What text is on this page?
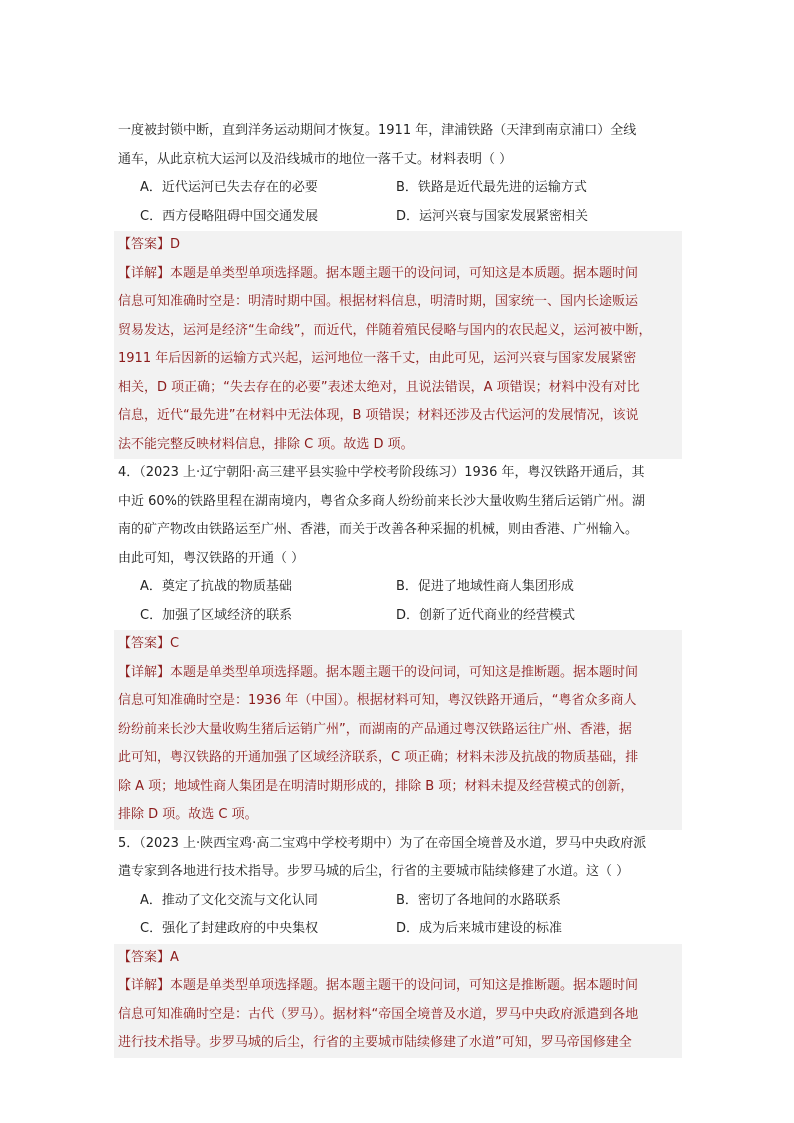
一度被封锁中断，直到洋务运动期间才恢复。1911 年，津浦铁路（天津到南京浦口）全线
通车，从此京杭大运河以及沿线城市的地位一落千丈。材料表明（ ）
A．近代运河已失去存在的必要	B．铁路是近代最先进的运输方式
C．西方侵略阻碍中国交通发展	D．运河兴衰与国家发展紧密相关
【答案】D
【详解】本题是单类型单项选择题。据本题主题干的设问词，可知这是本质题。据本题时间
信息可知准确时空是：明清时期中国。根据材料信息，明清时期，国家统一、国内长途贩运
贸易发达，运河是经济“生命线”，而近代，伴随着殖民侵略与国内的农民起义，运河被中断，
1911 年后因新的运输方式兴起，运河地位一落千丈，由此可见，运河兴衰与国家发展紧密
相关，D 项正确；“失去存在的必要”表述太绝对，且说法错误，A 项错误；材料中没有对比
信息，近代“最先进”在材料中无法体现，B 项错误；材料还涉及古代运河的发展情况，该说
法不能完整反映材料信息，排除 C 项。故选 D 项。
4．（2023 上·辽宁朝阳·高三建平县实验中学校考阶段练习）1936 年，粤汉铁路开通后，其
中近 60%的铁路里程在湖南境内，粤省众多商人纷纷前来长沙大量收购生猪后运销广州。湖
南的矿产物改由铁路运至广州、香港，而关于改善各种采掘的机械，则由香港、广州输入。
由此可知，粤汉铁路的开通（ ）
A．奠定了抗战的物质基础	B．促进了地域性商人集团形成
C．加强了区域经济的联系	D．创新了近代商业的经营模式
【答案】C
【详解】本题是单类型单项选择题。据本题主题干的设问词，可知这是推断题。据本题时间
信息可知准确时空是：1936 年（中国）。根据材料可知，粤汉铁路开通后，“粤省众多商人
纷纷前来长沙大量收购生猪后运销广州”，而湖南的产品通过粤汉铁路运往广州、香港，据
此可知，粤汉铁路的开通加强了区域经济联系，C 项正确；材料未涉及抗战的物质基础，排
除 A 项；地域性商人集团是在明清时期形成的，排除 B 项；材料未提及经营模式的创新，
排除 D 项。故选 C 项。
5．（2023 上·陕西宝鸡·高二宝鸡中学校考期中）为了在帝国全境普及水道，罗马中央政府派
遣专家到各地进行技术指导。步罗马城的后尘，行省的主要城市陆续修建了水道。这（ ）
A．推动了文化交流与文化认同	B．密切了各地间的水路联系
C．强化了封建政府的中央集权	D．成为后来城市建设的标准
【答案】A
【详解】本题是单类型单项选择题。据本题主题干的设问词，可知这是推断题。据本题时间
信息可知准确时空是：古代（罗马）。据材料“帝国全境普及水道，罗马中央政府派遣到各地
进行技术指导。步罗马城的后尘，行省的主要城市陆续修建了水道”可知，罗马帝国修建全
